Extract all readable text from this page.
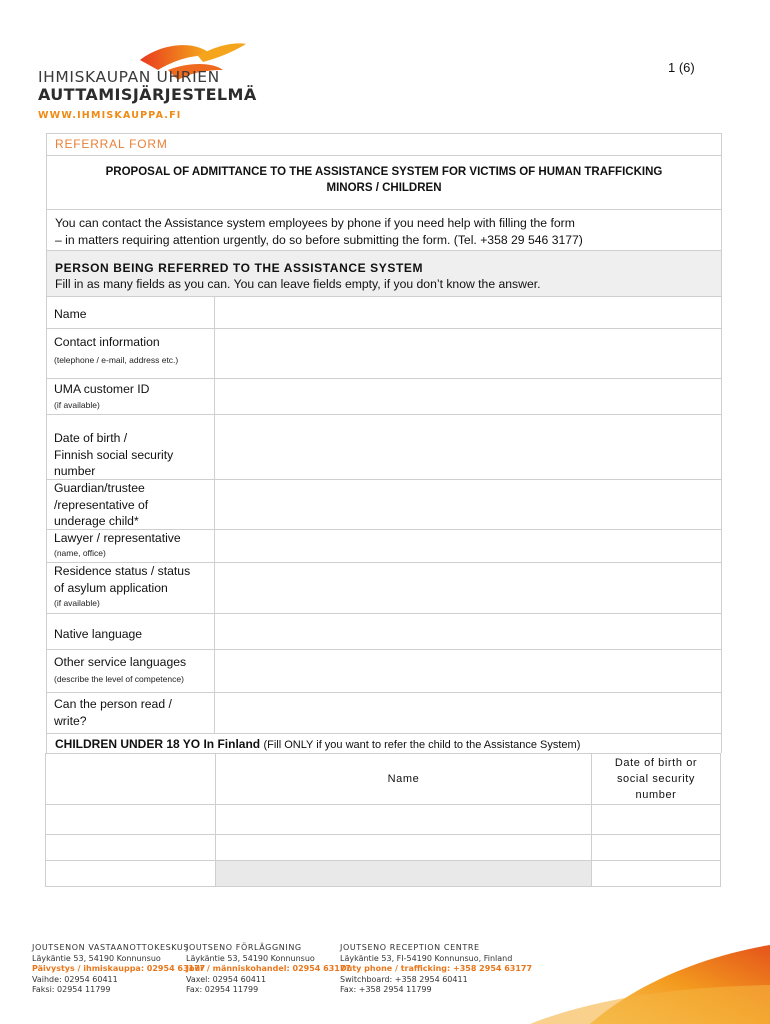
IHMISKAUPAN UHRIEN
AUTTAMISJÄRJESTELMÄ
WWW.IHMISKAUPPA.FI
1 (6)
REFERRAL FORM
PROPOSAL OF ADMITTANCE TO THE ASSISTANCE SYSTEM FOR VICTIMS OF HUMAN TRAFFICKING
MINORS / CHILDREN
You can contact the Assistance system employees by phone if you need help with filling the form
– in matters requiring attention urgently, do so before submitting the form. (Tel. +358 29 546 3177)
PERSON BEING REFERRED TO THE ASSISTANCE SYSTEM
Fill in as many fields as you can. You can leave fields empty, if you don’t know the answer.
Name
Contact information
(telephone / e-mail, address etc.)
UMA customer ID
(if available)
Date of birth /
Finnish social security
number
Guardian/trustee
/representative of
underage child*
Lawyer / representative
(name, office)
Residence status / status
of asylum application
(if available)
Native language
Other service languages
(describe the level of competence)
Can the person read /
write?
CHILDREN UNDER 18 YO In Finland (Fill ONLY if you want to refer the child to the Assistance System)
	Name	Date of birth or
social security
number

JOUTSENON VASTAANOTTOKESKUS
Läykäntie 53, 54190 Konnunsuo
Päivystys / ihmiskauppa: 02954 63177
Vaihde: 02954 60411
Faksi: 02954 11799
JOUTSENO FÖRLÄGGNING
Läykäntie 53, 54190 Konnunsuo
Jour / människohandel: 02954 63177
Vaxel: 02954 60411
Fax: 02954 11799
JOUTSENO RECEPTION CENTRE
Läykäntie 53, FI-54190 Konnunsuo, Finland
Duty phone / trafficking: +358 2954 63177
Switchboard: +358 2954 60411
Fax: +358 2954 11799
